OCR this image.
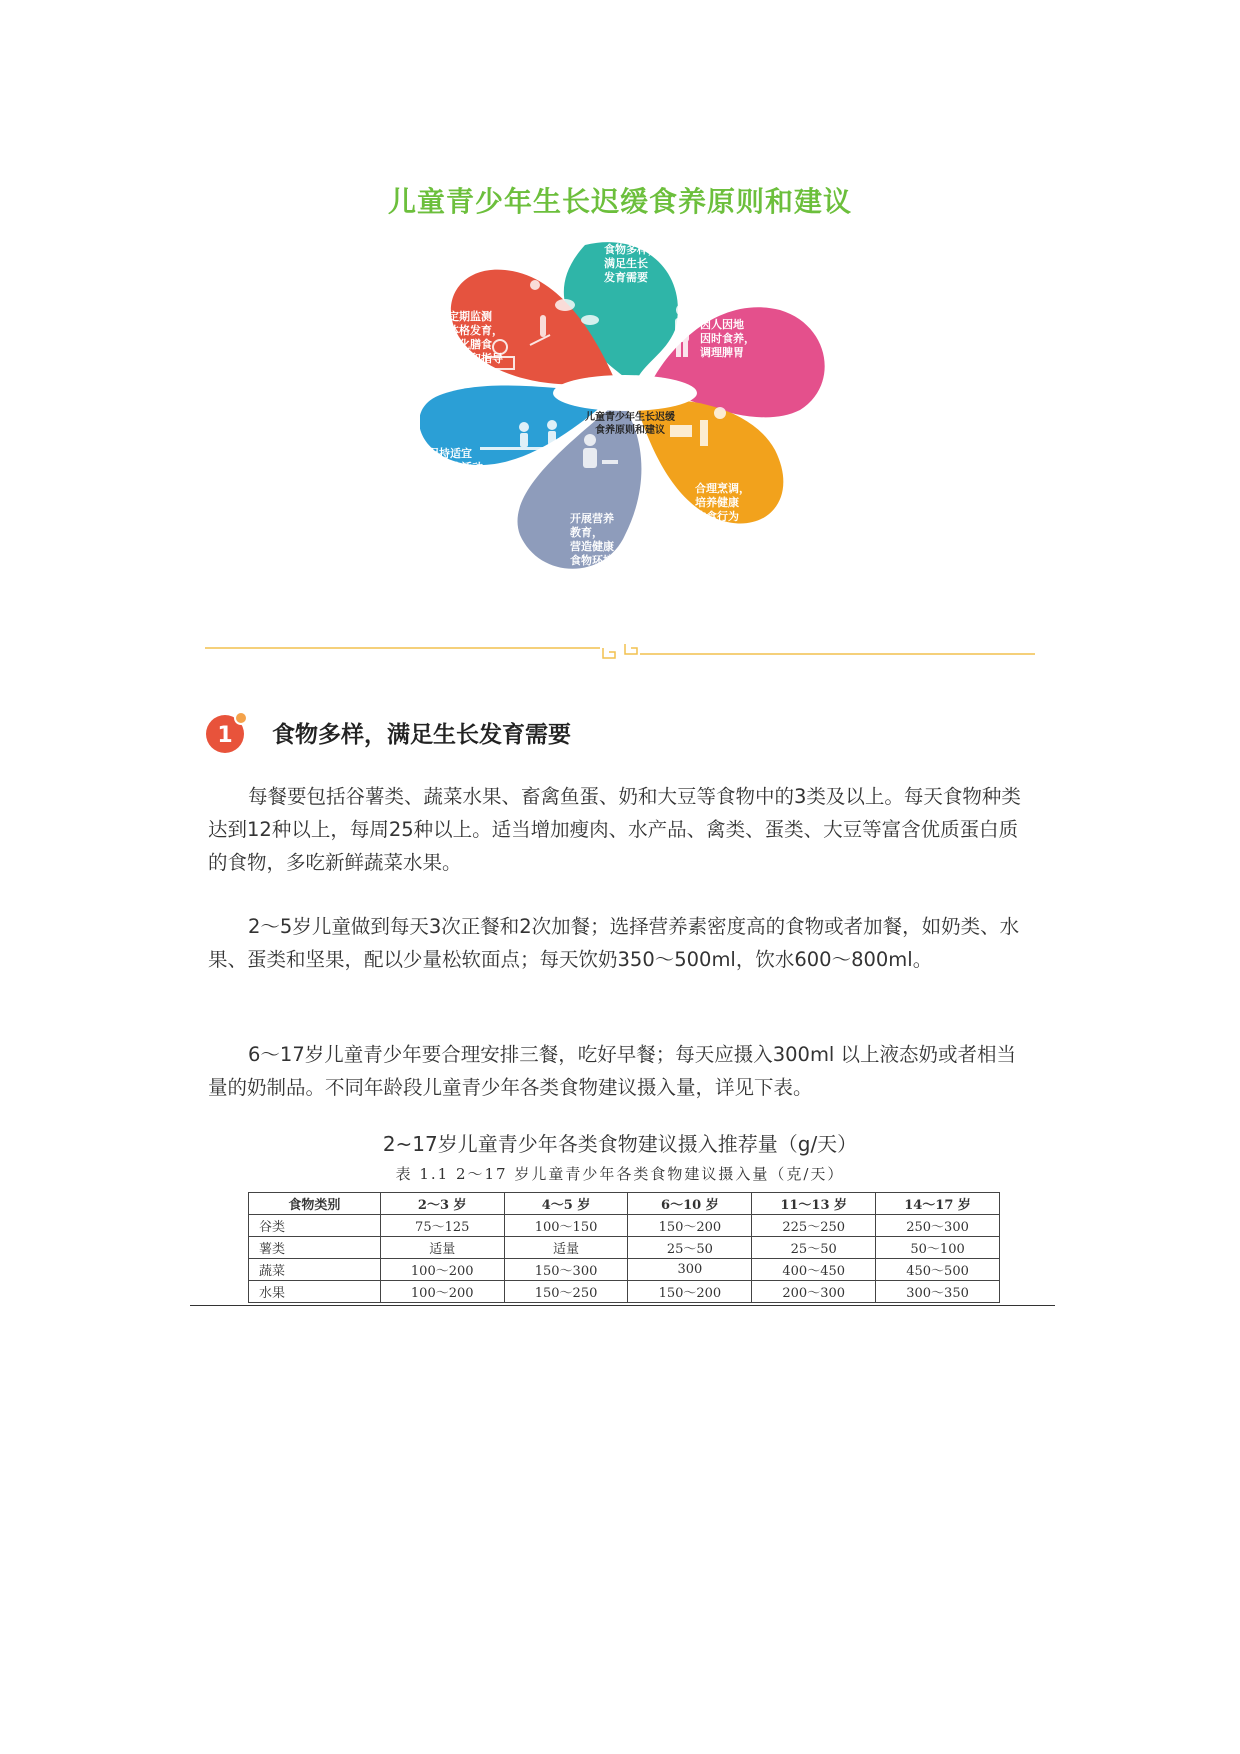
儿童青少年生长迟缓食养原则和建议
食物多样，
满足生长
发育需要
因人因地
因时食养，
调理脾胃
合理烹调，
培养健康
饮食行为
开展营养
教育，
营造健康
食物环境
保持适宜
的身体活动，
关注睡眠和
心理健康
定期监测
体格发育，
强化膳食
评估和指导
儿童青少年生长迟缓
食养原则和建议
1 食物多样，满足生长发育需要
每餐要包括谷薯类、蔬菜水果、畜禽鱼蛋、奶和大豆等食物中的3类及以上。每天食物种类达到12种以上，每周25种以上。适当增加瘦肉、水产品、禽类、蛋类、大豆等富含优质蛋白质的食物，多吃新鲜蔬菜水果。
2～5岁儿童做到每天3次正餐和2次加餐；选择营养素密度高的食物或者加餐，如奶类、水果、蛋类和坚果，配以少量松软面点；每天饮奶350～500ml，饮水600～800ml。
6～17岁儿童青少年要合理安排三餐，吃好早餐；每天应摄入300ml 以上液态奶或者相当量的奶制品。不同年龄段儿童青少年各类食物建议摄入量，详见下表。
2~17岁儿童青少年各类食物建议摄入推荐量（g/天）
表 1.1 2～17 岁儿童青少年各类食物建议摄入量（克/天）
食物类别	2～3 岁	4～5 岁	6～10 岁	11～13 岁	14～17 岁
谷类	75～125	100～150	150～200	225～250	250～300
薯类	适量	适量	25～50	25～50	50～100
蔬菜	100～200	150～300	300	400～450	450～500
水果	100～200	150～250	150～200	200～300	300～350
